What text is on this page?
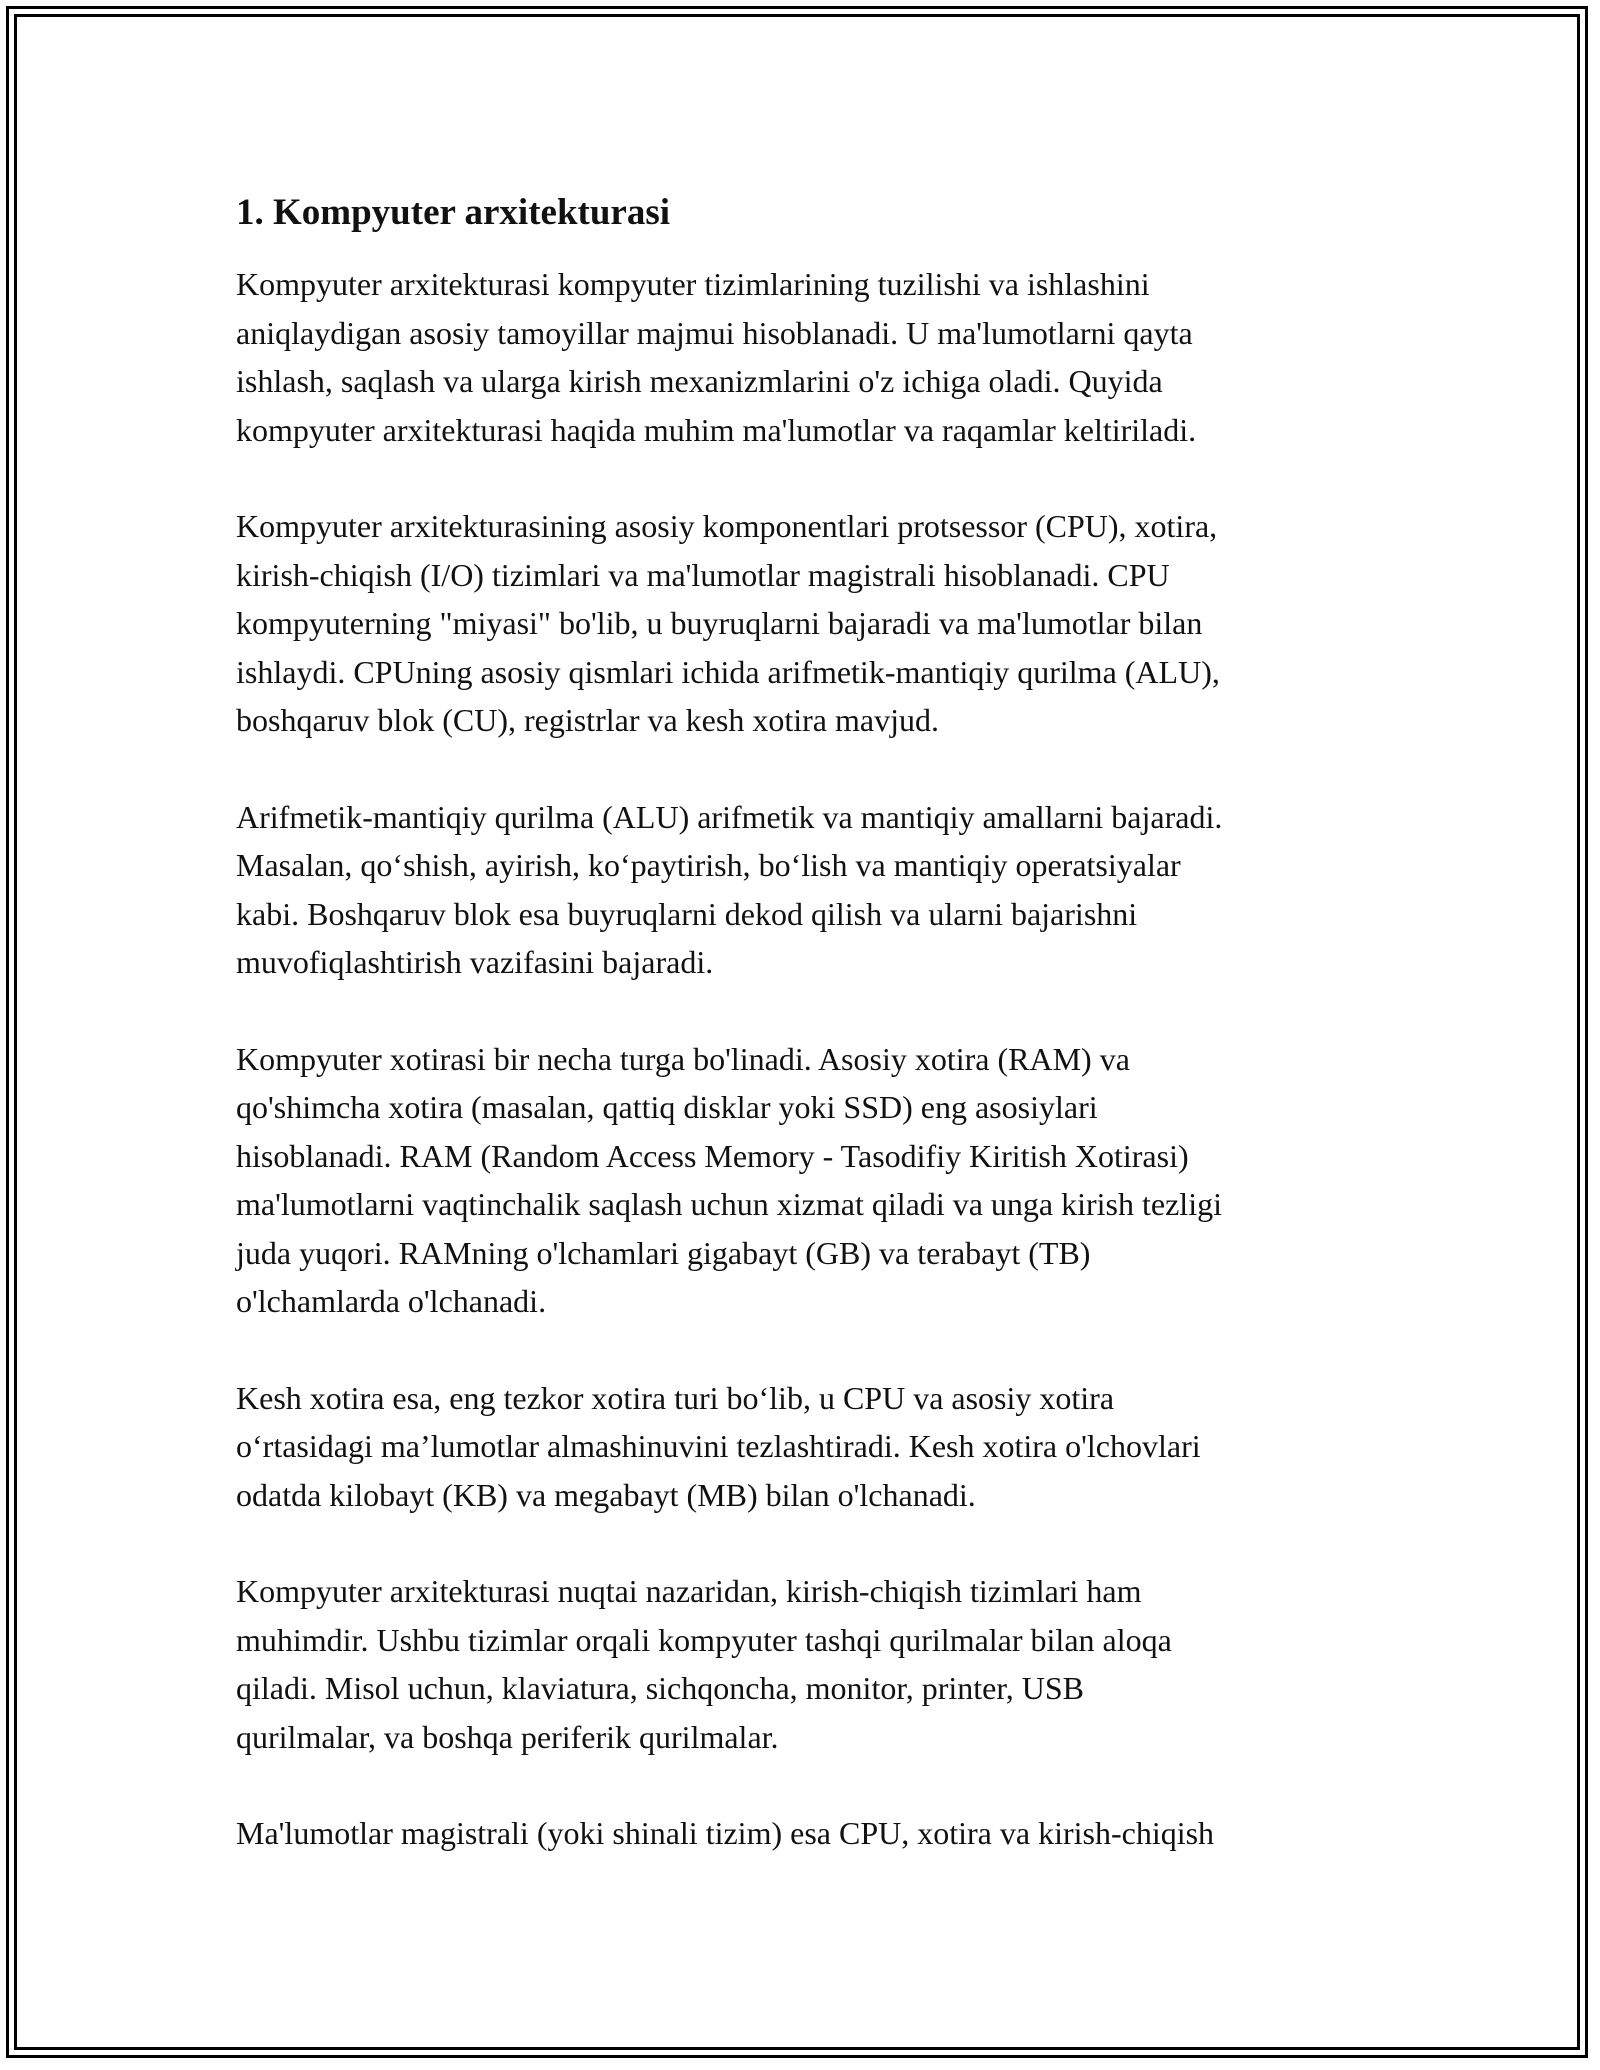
1. Kompyuter arxitekturasi

Kompyuter arxitekturasi kompyuter tizimlarining tuzilishi va ishlashini
aniqlaydigan asosiy tamoyillar majmui hisoblanadi. U ma'lumotlarni qayta
ishlash, saqlash va ularga kirish mexanizmlarini o'z ichiga oladi. Quyida
kompyuter arxitekturasi haqida muhim ma'lumotlar va raqamlar keltiriladi.

Kompyuter arxitekturasining asosiy komponentlari protsessor (CPU), xotira,
kirish-chiqish (I/O) tizimlari va ma'lumotlar magistrali hisoblanadi. CPU
kompyuterning "miyasi" bo'lib, u buyruqlarni bajaradi va ma'lumotlar bilan
ishlaydi. CPUning asosiy qismlari ichida arifmetik-mantiqiy qurilma (ALU),
boshqaruv blok (CU), registrlar va kesh xotira mavjud.

Arifmetik-mantiqiy qurilma (ALU) arifmetik va mantiqiy amallarni bajaradi.
Masalan, qo‘shish, ayirish, ko‘paytirish, bo‘lish va mantiqiy operatsiyalar
kabi. Boshqaruv blok esa buyruqlarni dekod qilish va ularni bajarishni
muvofiqlashtirish vazifasini bajaradi.

Kompyuter xotirasi bir necha turga bo'linadi. Asosiy xotira (RAM) va
qo'shimcha xotira (masalan, qattiq disklar yoki SSD) eng asosiylari
hisoblanadi. RAM (Random Access Memory - Tasodifiy Kiritish Xotirasi)
ma'lumotlarni vaqtinchalik saqlash uchun xizmat qiladi va unga kirish tezligi
juda yuqori. RAMning o'lchamlari gigabayt (GB) va terabayt (TB)
o'lchamlarda o'lchanadi.

Kesh xotira esa, eng tezkor xotira turi bo‘lib, u CPU va asosiy xotira
o‘rtasidagi ma’lumotlar almashinuvini tezlashtiradi. Kesh xotira o'lchovlari
odatda kilobayt (KB) va megabayt (MB) bilan o'lchanadi.

Kompyuter arxitekturasi nuqtai nazaridan, kirish-chiqish tizimlari ham
muhimdir. Ushbu tizimlar orqali kompyuter tashqi qurilmalar bilan aloqa
qiladi. Misol uchun, klaviatura, sichqoncha, monitor, printer, USB
qurilmalar, va boshqa periferik qurilmalar.

Ma'lumotlar magistrali (yoki shinali tizim) esa CPU, xotira va kirish-chiqish
